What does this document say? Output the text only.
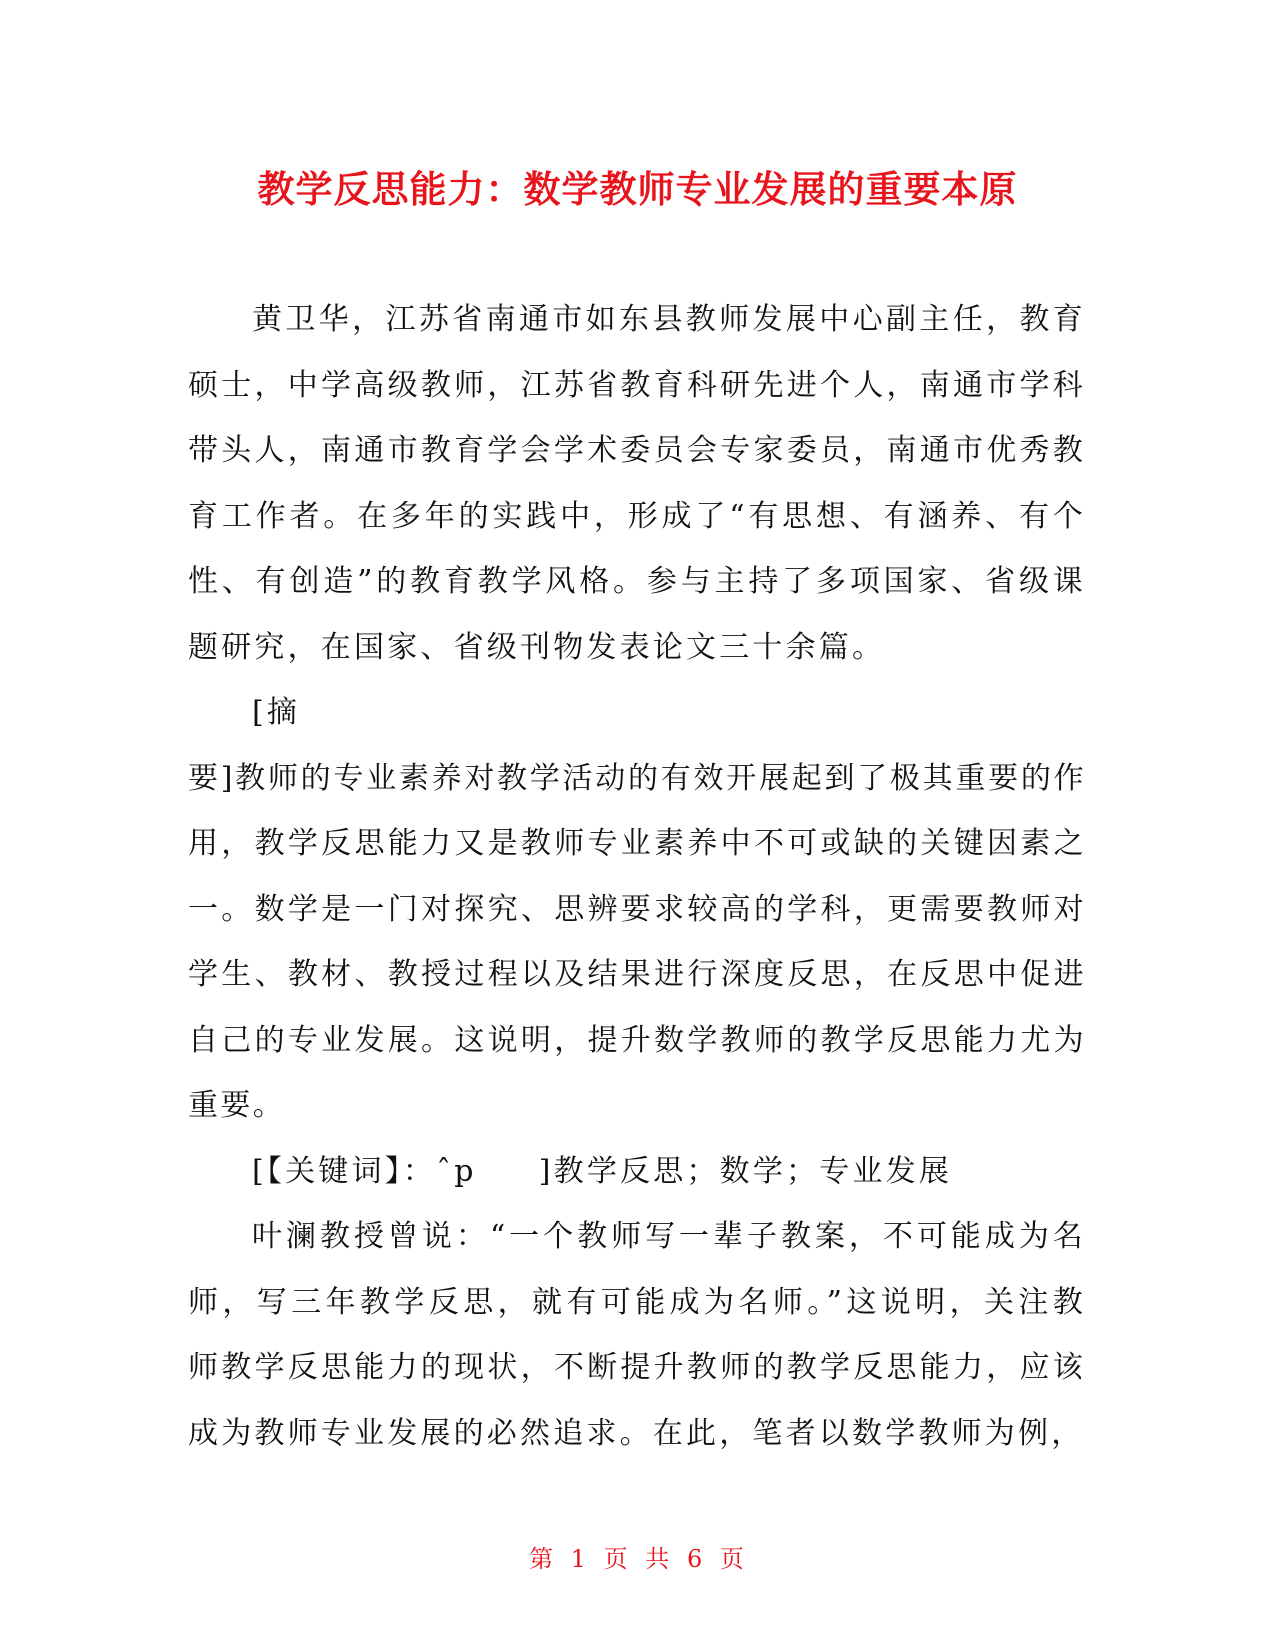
教学反思能力：数学教师专业发展的重要本原

黄卫华，江苏省南通市如东县教师发展中心副主任，教育硕士，中学高级教师，江苏省教育科研先进个人，南通市学科带头人，南通市教育学会学术委员会专家委员，南通市优秀教育工作者。在多年的实践中，形成了“有思想、有涵养、有个性、有创造”的教育教学风格。参与主持了多项国家、省级课题研究，在国家、省级刊物发表论文三十余篇。

[摘

要]教师的专业素养对教学活动的有效开展起到了极其重要的作用，教学反思能力又是教师专业素养中不可或缺的关键因素之一。数学是一门对探究、思辨要求较高的学科，更需要教师对学生、教材、教授过程以及结果进行深度反思，在反思中促进自己的专业发展。这说明，提升数学教师的教学反思能力尤为重要。

[【关键词】：ˆp ]教学反思；数学；专业发展

叶澜教授曾说：“一个教师写一辈子教案，不可能成为名师，写三年教学反思，就有可能成为名师。”这说明，关注教师教学反思能力的现状，不断提升教师的教学反思能力，应该成为教师专业发展的必然追求。在此，笔者以数学教师为例，

第 1 页 共 6 页
